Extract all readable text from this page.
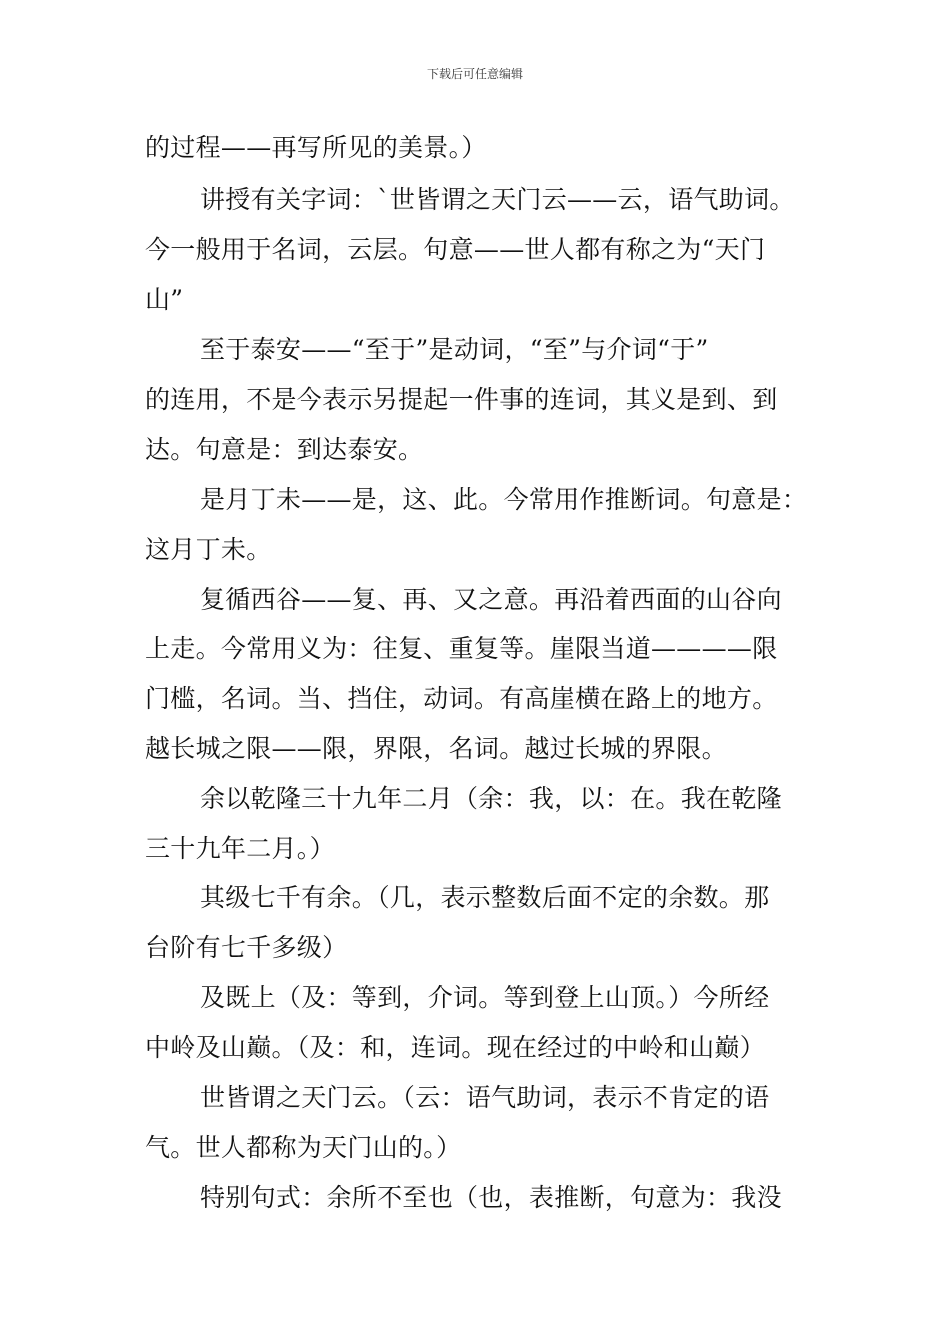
下载后可任意编辑
的过程——再写所见的美景。）
讲授有关字词：`世皆谓之天门云——云，语气助词。
今一般用于名词，云层。句意——世人都有称之为“天门
山”
至于泰安——“至于”是动词，“至”与介词“于”
的连用，不是今表示另提起一件事的连词，其义是到、到
达。句意是：到达泰安。
是月丁未——是，这、此。今常用作推断词。句意是：
这月丁未。
复循西谷——复、再、又之意。再沿着西面的山谷向
上走。今常用义为：往复、重复等。崖限当道————限
门槛，名词。当、挡住，动词。有高崖横在路上的地方。
越长城之限——限，界限，名词。越过长城的界限。
余以乾隆三十九年二月（余：我，以：在。我在乾隆
三十九年二月。）
其级七千有余。（几，表示整数后面不定的余数。那
台阶有七千多级）
及既上（及：等到，介词。等到登上山顶。）今所经
中岭及山巅。（及：和，连词。现在经过的中岭和山巅）
世皆谓之天门云。（云：语气助词，表示不肯定的语
气。世人都称为天门山的。）
特别句式：余所不至也（也，表推断，句意为：我没
